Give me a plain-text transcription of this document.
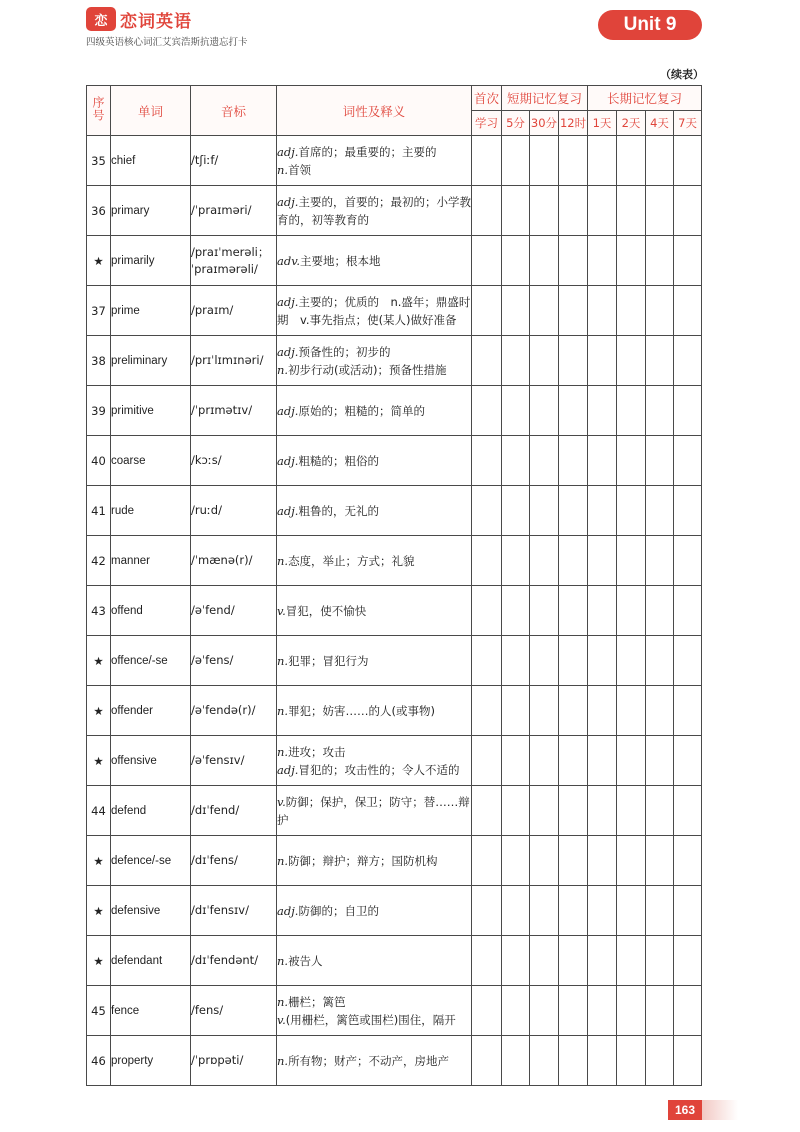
恋 恋词英语
四级英语核心词汇艾宾浩斯抗遗忘打卡
Unit 9
（续表）
序号	单词	音标	词性及释义	首次	短期记忆复习			长期记忆复习			
				学习	5分	30分	12时	1天	2天	4天	7天
35	chief	/tʃiːf/	adj.首席的；最重要的；主要的
n.首领								

36	primary	/ˈpraɪməri/	adj.主要的，首要的；最初的；小学教
育的，初等教育的								

★	primarily	/praɪˈmerəli；
ˈpraɪmərəli/	adv.主要地；根本地								

37	prime	/praɪm/	adj.主要的；优质的　n.盛年；鼎盛时
期　v.事先指点；使(某人)做好准备								

38	preliminary	/prɪˈlɪmɪnəri/	adj.预备性的；初步的
n.初步行动(或活动)；预备性措施								

39	primitive	/ˈprɪmətɪv/	adj.原始的；粗糙的；简单的								

40	coarse	/kɔːs/	adj.粗糙的；粗俗的								

41	rude	/ruːd/	adj.粗鲁的，无礼的								

42	manner	/ˈmænə(r)/	n.态度，举止；方式；礼貌								

43	offend	/əˈfend/	v.冒犯，使不愉快								

★	offence/-se	/əˈfens/	n.犯罪；冒犯行为								

★	offender	/əˈfendə(r)/	n.罪犯；妨害……的人(或事物)								

★	offensive	/əˈfensɪv/	n.进攻；攻击
adj.冒犯的；攻击性的；令人不适的								

44	defend	/dɪˈfend/	v.防御；保护，保卫；防守；替……辩护								

★	defence/-se	/dɪˈfens/	n.防御；辩护；辩方；国防机构								

★	defensive	/dɪˈfensɪv/	adj.防御的；自卫的								

★	defendant	/dɪˈfendənt/	n.被告人								

45	fence	/fens/	n.栅栏；篱笆
v.(用栅栏，篱笆或围栏)围住，隔开								

46	property	/ˈprɒpəti/	n.所有物；财产；不动产，房地产								

163
